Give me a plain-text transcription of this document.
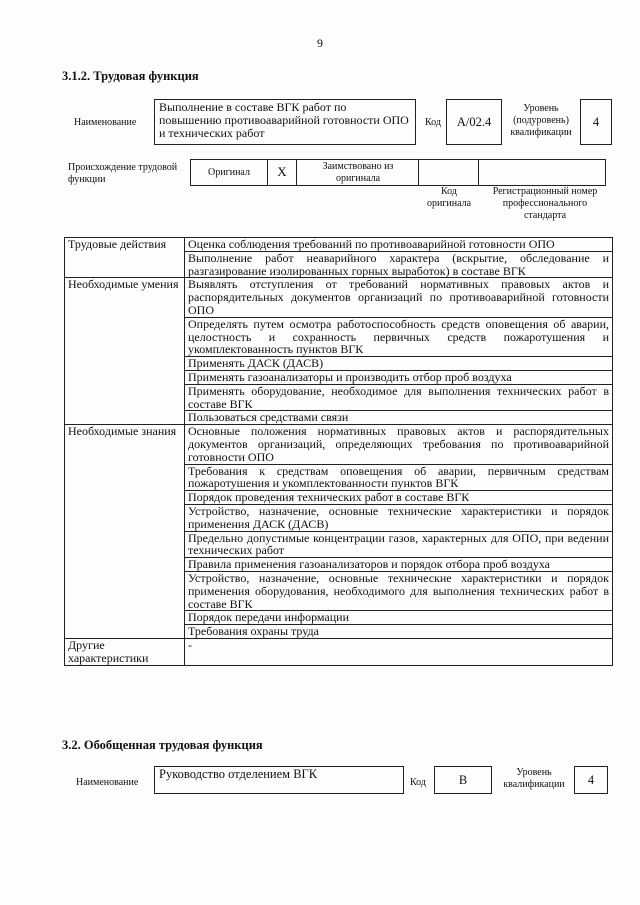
9
3.1.2. Трудовая функция
Наименование
Выполнение в составе ВГК работ по повышению противоаварийной готовности ОПО и технических работ
Код	А/02.4
Уровень (подуровень) квалификации
4
Происхождение трудовой функции
Оригинал	X	Заимствовано из оригинала
Код оригинала
Регистрационный номер профессионального стандарта
Трудовые действия	Оценка соблюдения требований по противоаварийной готовности ОПО
	Выполнение работ неаварийного характера (вскрытие, обследование и разгазирование изолированных горных выработок) в составе ВГК
Необходимые умения	Выявлять отступления от требований нормативных правовых актов и распорядительных документов организаций по противоаварийной готовности ОПО
	Определять путем осмотра работоспособность средств оповещения об аварии, целостность и сохранность первичных средств пожаротушения и укомплектованность пунктов ВГК
	Применять ДАСК (ДАСВ)
	Применять газоанализаторы и производить отбор проб воздуха
	Применять оборудование, необходимое для выполнения технических работ в составе ВГК
	Пользоваться средствами связи
Необходимые знания	Основные положения нормативных правовых актов и распорядительных документов организаций, определяющих требования по противоаварийной готовности ОПО
	Требования к средствам оповещения об аварии, первичным средствам пожаротушения и укомплектованности пунктов ВГК
	Порядок проведения технических работ в составе ВГК
	Устройство, назначение, основные технические характеристики и порядок применения ДАСК (ДАСВ)
	Предельно допустимые концентрации газов, характерных для ОПО, при ведении технических работ
	Правила применения газоанализаторов и порядок отбора проб воздуха
	Устройство, назначение, основные технические характеристики и порядок применения оборудования, необходимого для выполнения технических работ в составе ВГК
	Порядок передачи информации
	Требования охраны труда
Другие характеристики	-
3.2. Обобщенная трудовая функция
Наименование
Руководство отделением ВГК
Код	В	Уровень квалификации	4
